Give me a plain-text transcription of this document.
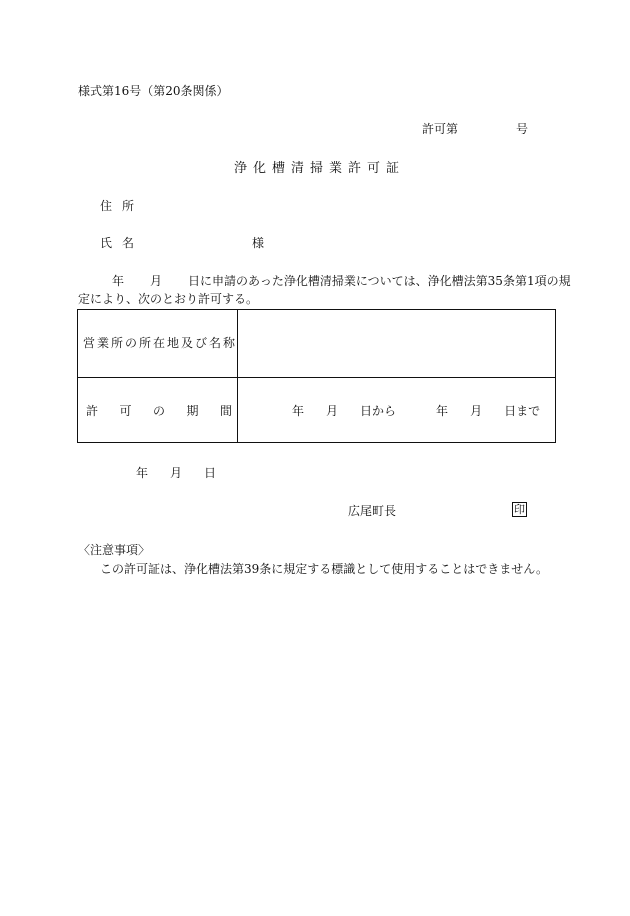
様式第16号（第20条関係）
許可第	号
浄化槽清掃業許可証
住所
氏名	様
年 月 日に申請のあった浄化槽清掃業については、浄化槽法第35条第1項の規
定により、次のとおり許可する。
営業所の所在地及び名称
許 可 の 期 間	年 月 日から	年 月 日まで
年 月 日
広尾町長	印
〈注意事項〉
この許可証は、浄化槽法第39条に規定する標識として使用することはできません。
